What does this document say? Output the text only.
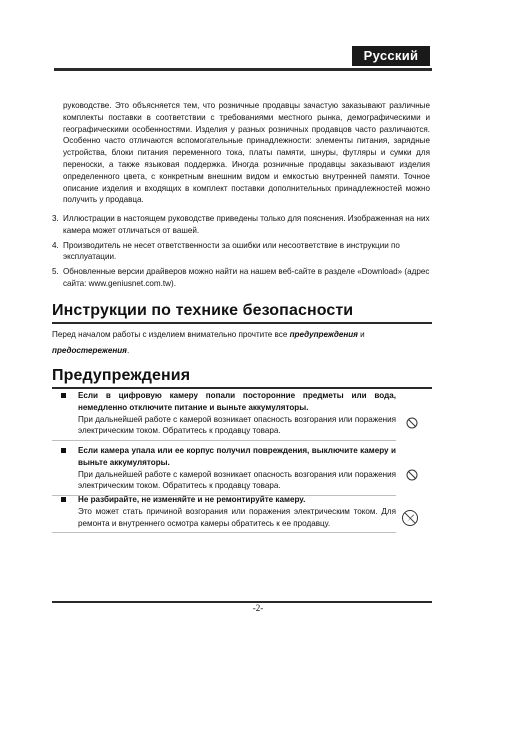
Русский
руководстве. Это объясняется тем, что розничные продавцы зачастую заказывают различные комплекты поставки в соответствии с требованиями местного рынка, демографическими и географическими особенностями. Изделия у разных розничных продавцов часто различаются. Особенно часто отличаются вспомогательные принадлежности: элементы питания, зарядные устройства, блоки питания переменного тока, платы памяти, шнуры, футляры и сумки для переноски, а также языковая поддержка. Иногда розничные продавцы заказывают изделия определенного цвета, с конкретным внешним видом и емкостью внутренней памяти. Точное описание изделия и входящих в комплект поставки дополнительных принадлежностей можно получить у продавца.
3. Иллюстрации в настоящем руководстве приведены только для пояснения. Изображенная на них камера может отличаться от вашей.
4. Производитель не несет ответственности за ошибки или несоответствие в инструкции по эксплуатации.
5. Обновленные версии драйверов можно найти на нашем веб-сайте в разделе «Download» (адрес сайта: www.geniusnet.com.tw).
Инструкции по технике безопасности
Перед началом работы с изделием внимательно прочтите все предупреждения и
предостережения.
Предупреждения
Если в цифровую камеру попали посторонние предметы или вода, немедленно отключите питание и выньте аккумуляторы.
При дальнейшей работе с камерой возникает опасность возгорания или поражения электрическим током. Обратитесь к продавцу товара.
Если камера упала или ее корпус получил повреждения, выключите камеру и выньте аккумуляторы.
При дальнейшей работе с камерой возникает опасность возгорания или поражения электрическим током. Обратитесь к продавцу товара.
Не разбирайте, не изменяйте и не ремонтируйте камеру.
Это может стать причиной возгорания или поражения электрическим током. Для ремонта и внутреннего осмотра камеры обратитесь к ее продавцу.
-2-
